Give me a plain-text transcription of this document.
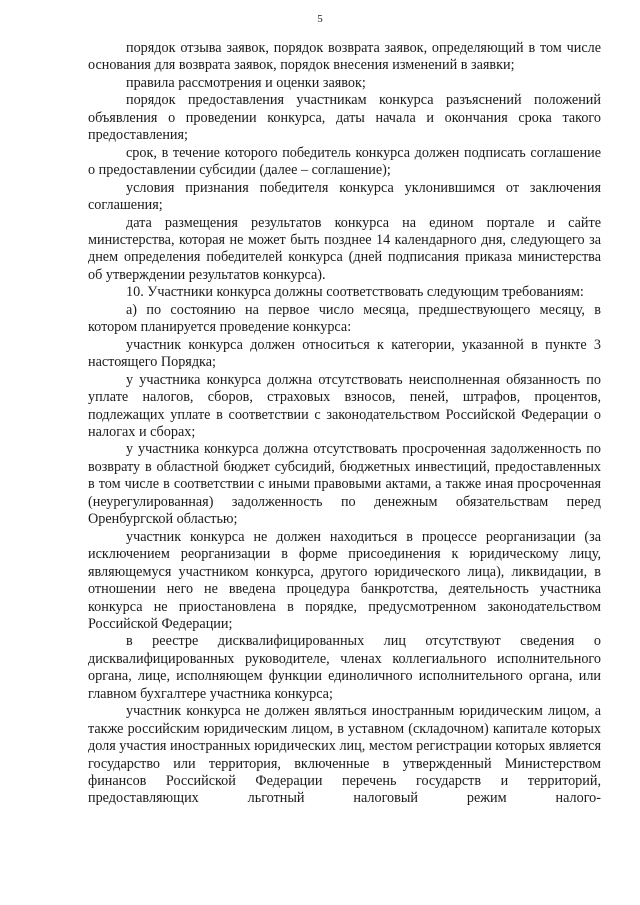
5

порядок отзыва заявок, порядок возврата заявок, определяющий в том числе основания для возврата заявок, порядок внесения изменений в заявки;

правила рассмотрения и оценки заявок;

порядок предоставления участникам конкурса разъяснений положений объявления о проведении конкурса, даты начала и окончания срока такого предоставления;

срок, в течение которого победитель конкурса должен подписать соглашение о предоставлении субсидии (далее – соглашение);

условия признания победителя конкурса уклонившимся от заключения соглашения;

дата размещения результатов конкурса на едином портале и сайте министерства, которая не может быть позднее 14 календарного дня, следующего за днем определения победителей конкурса (дней подписания приказа министерства об утверждении результатов конкурса).

10. Участники конкурса должны соответствовать следующим требованиям:

а) по состоянию на первое число месяца, предшествующего месяцу, в котором планируется проведение конкурса:

участник конкурса должен относиться к категории, указанной в пункте 3 настоящего Порядка;

у участника конкурса должна отсутствовать неисполненная обязанность по уплате налогов, сборов, страховых взносов, пеней, штрафов, процентов, подлежащих уплате в соответствии с законодательством Российской Федерации о налогах и сборах;

у участника конкурса должна отсутствовать просроченная задолженность по возврату в областной бюджет субсидий, бюджетных инвестиций, предоставленных в том числе в соответствии с иными правовыми актами, а также иная просроченная (неурегулированная) задолженность по денежным обязательствам перед Оренбургской областью;

участник конкурса не должен находиться в процессе реорганизации (за исключением реорганизации в форме присоединения к юридическому лицу, являющемуся участником конкурса, другого юридического лица), ликвидации, в отношении него не введена процедура банкротства, деятельность участника конкурса не приостановлена в порядке, предусмотренном законодательством Российской Федерации;

в реестре дисквалифицированных лиц отсутствуют сведения о дисквалифицированных руководителе, членах коллегиального исполнительного органа, лице, исполняющем функции единоличного исполнительного органа, или главном бухгалтере участника конкурса;

участник конкурса не должен являться иностранным юридическим лицом, а также российским юридическим лицом, в уставном (складочном) капитале которых доля участия иностранных юридических лиц, местом регистрации которых является государство или территория, включенные в утвержденный Министерством финансов Российской Федерации перечень государств и территорий, предоставляющих льготный налоговый режим налого-
